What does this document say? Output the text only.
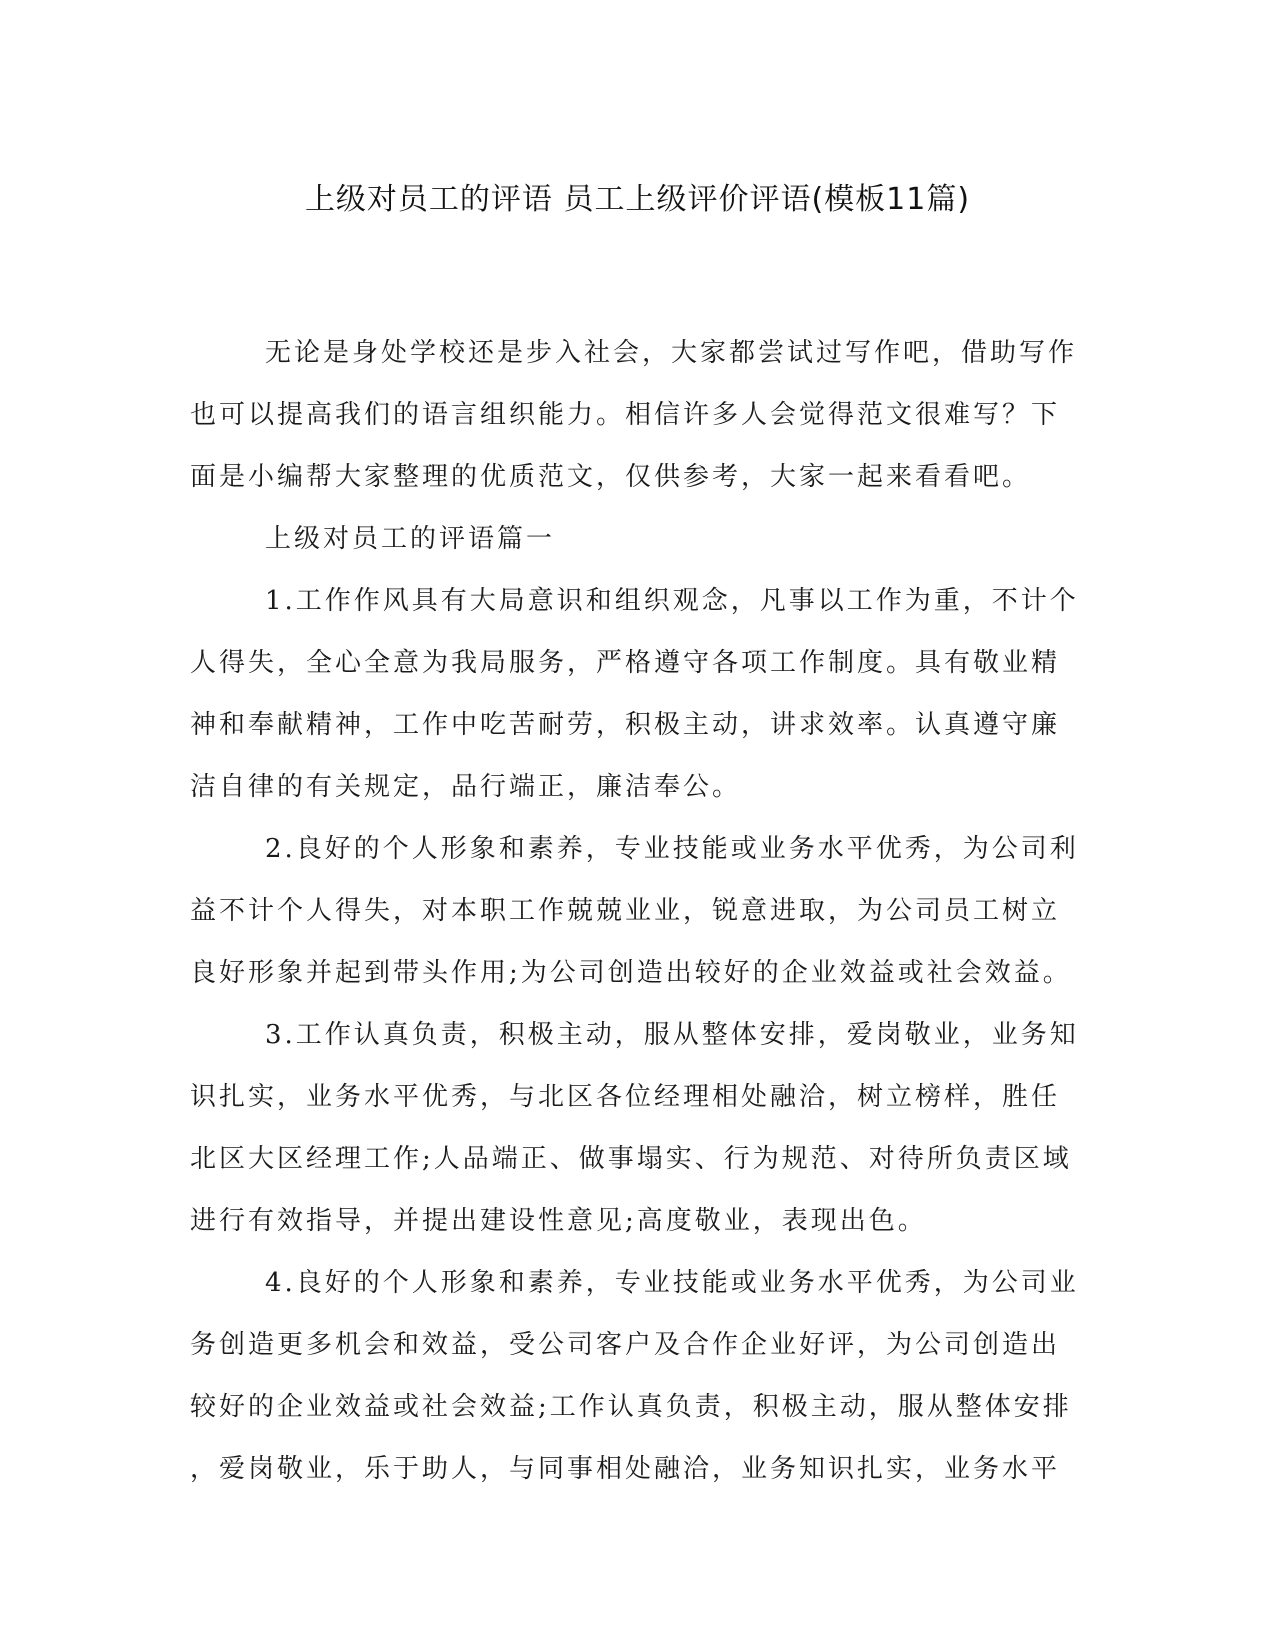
上级对员工的评语 员工上级评价评语(模板11篇)
无论是身处学校还是步入社会，大家都尝试过写作吧，借助写作
也可以提高我们的语言组织能力。相信许多人会觉得范文很难写？下
面是小编帮大家整理的优质范文，仅供参考，大家一起来看看吧。
上级对员工的评语篇一
1.工作作风具有大局意识和组织观念，凡事以工作为重，不计个
人得失，全心全意为我局服务，严格遵守各项工作制度。具有敬业精
神和奉献精神，工作中吃苦耐劳，积极主动，讲求效率。认真遵守廉
洁自律的有关规定，品行端正，廉洁奉公。
2.良好的个人形象和素养，专业技能或业务水平优秀，为公司利
益不计个人得失，对本职工作兢兢业业，锐意进取，为公司员工树立
良好形象并起到带头作用;为公司创造出较好的企业效益或社会效益。
3.工作认真负责，积极主动，服从整体安排，爱岗敬业，业务知
识扎实，业务水平优秀，与北区各位经理相处融洽，树立榜样，胜任
北区大区经理工作;人品端正、做事塌实、行为规范、对待所负责区域
进行有效指导，并提出建设性意见;高度敬业，表现出色。
4.良好的个人形象和素养，专业技能或业务水平优秀，为公司业
务创造更多机会和效益，受公司客户及合作企业好评，为公司创造出
较好的企业效益或社会效益;工作认真负责，积极主动，服从整体安排
，爱岗敬业，乐于助人，与同事相处融洽，业务知识扎实，业务水平
